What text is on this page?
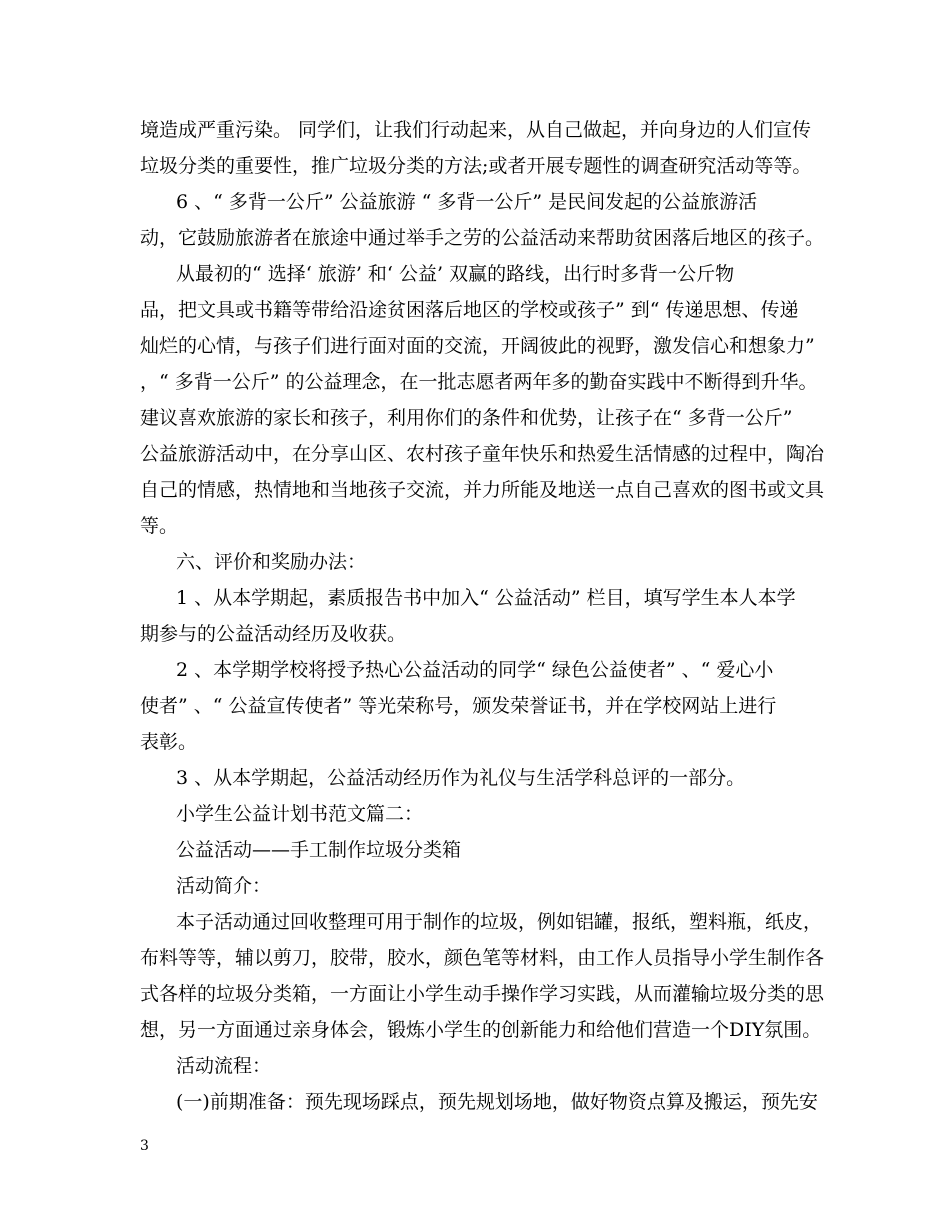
境造成严重污染。 同学们，让我们行动起来，从自己做起，并向身边的人们宣传
垃圾分类的重要性，推广垃圾分类的方法;或者开展专题性的调查研究活动等等。
6 、“ 多背一公斤” 公益旅游 “ 多背一公斤” 是民间发起的公益旅游活
动，它鼓励旅游者在旅途中通过举手之劳的公益活动来帮助贫困落后地区的孩子。
从最初的“ 选择‘ 旅游’ 和‘ 公益’ 双赢的路线，出行时多背一公斤物
品，把文具或书籍等带给沿途贫困落后地区的学校或孩子” 到“ 传递思想、传递
灿烂的心情，与孩子们进行面对面的交流，开阔彼此的视野，激发信心和想象力”
，“ 多背一公斤” 的公益理念，在一批志愿者两年多的勤奋实践中不断得到升华。
建议喜欢旅游的家长和孩子，利用你们的条件和优势，让孩子在“ 多背一公斤”
公益旅游活动中，在分享山区、农村孩子童年快乐和热爱生活情感的过程中，陶冶
自己的情感，热情地和当地孩子交流，并力所能及地送一点自己喜欢的图书或文具
等。
六、评价和奖励办法：
1 、从本学期起，素质报告书中加入“ 公益活动” 栏目，填写学生本人本学
期参与的公益活动经历及收获。
2 、本学期学校将授予热心公益活动的同学“ 绿色公益使者” 、“ 爱心小
使者” 、“ 公益宣传使者” 等光荣称号，颁发荣誉证书，并在学校网站上进行
表彰。
3 、从本学期起，公益活动经历作为礼仪与生活学科总评的一部分。
小学生公益计划书范文篇二：
公益活动——手工制作垃圾分类箱
活动简介：
本子活动通过回收整理可用于制作的垃圾，例如铝罐，报纸，塑料瓶，纸皮，
布料等等，辅以剪刀，胶带，胶水，颜色笔等材料，由工作人员指导小学生制作各
式各样的垃圾分类箱，一方面让小学生动手操作学习实践，从而灌输垃圾分类的思
想，另一方面通过亲身体会，锻炼小学生的创新能力和给他们营造一个DIY氛围。
活动流程：
(一)前期准备：预先现场踩点，预先规划场地，做好物资点算及搬运，预先安
3
